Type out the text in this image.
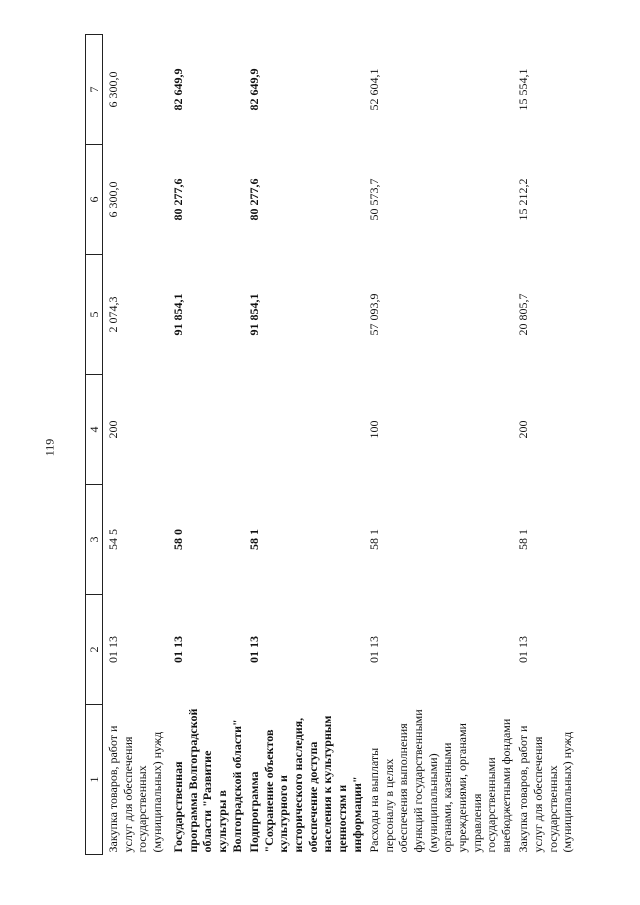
119
1	2	3	4	5	6	7
Закупка товаров, работ и услуг для обеспечения государственных (муниципальных) нужд	01 13	54 5	200	2 074,3	6 300,0	6 300,0
Государственная программа Волгоградской области "Развитие культуры в Волгоградской области"	01 13	58 0		91 854,1	80 277,6	82 649,9
Подпрограмма "Сохранение объектов культурного и исторического наследия, обеспечение доступа населения к культурным ценностям и информации"	01 13	58 1		91 854,1	80 277,6	82 649,9
Расходы на выплаты персоналу в целях обеспечения выполнения функций государственными (муниципальными) органами, казенными учреждениями, органами управления государственными внебюджетными фондами	01 13	58 1	100	57 093,9	50 573,7	52 604,1
Закупка товаров, работ и услуг для обеспечения государственных (муниципальных) нужд	01 13	58 1	200	20 805,7	15 212,2	15 554,1
